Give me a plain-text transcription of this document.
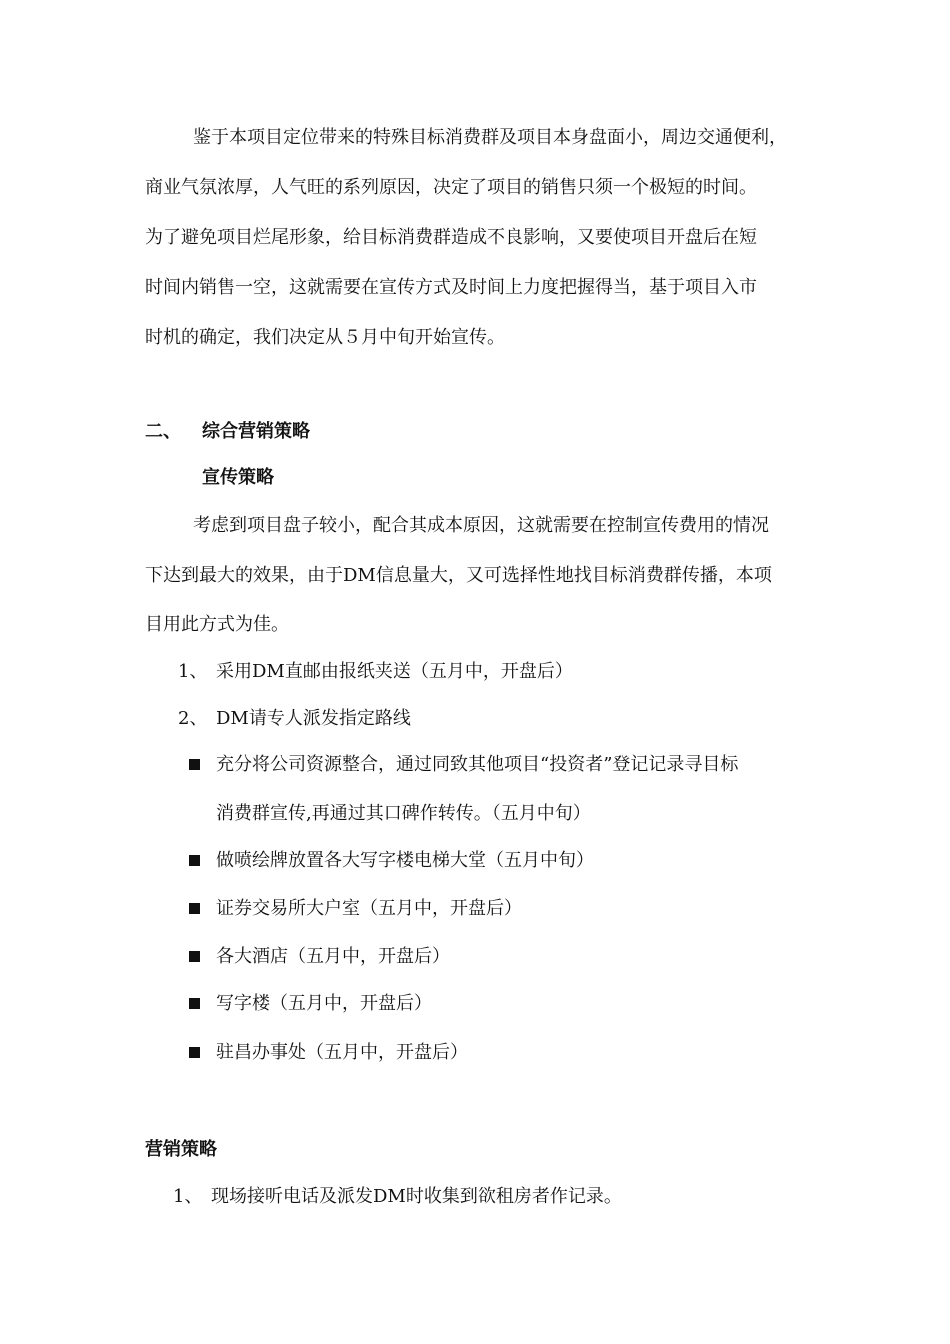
鉴于本项目定位带来的特殊目标消费群及项目本身盘面小，周边交通便利，
商业气氛浓厚，人气旺的系列原因，决定了项目的销售只须一个极短的时间。
为了避免项目烂尾形象，给目标消费群造成不良影响，又要使项目开盘后在短
时间内销售一空，这就需要在宣传方式及时间上力度把握得当，基于项目入市
时机的确定，我们决定从５月中旬开始宣传。
二、 综合营销策略
宣传策略
考虑到项目盘子较小，配合其成本原因，这就需要在控制宣传费用的情况
下达到最大的效果，由于DM信息量大，又可选择性地找目标消费群传播，本项
目用此方式为佳。
1、 采用DM直邮由报纸夹送（五月中，开盘后）
2、 DM请专人派发指定路线
充分将公司资源整合，通过同致其他项目“投资者”登记记录寻目标
消费群宣传,再通过其口碑作转传。（五月中旬）
做喷绘牌放置各大写字楼电梯大堂（五月中旬）
证券交易所大户室（五月中，开盘后）
各大酒店（五月中，开盘后）
写字楼（五月中，开盘后）
驻昌办事处（五月中，开盘后）
营销策略
1、 现场接听电话及派发DM时收集到欲租房者作记录。
